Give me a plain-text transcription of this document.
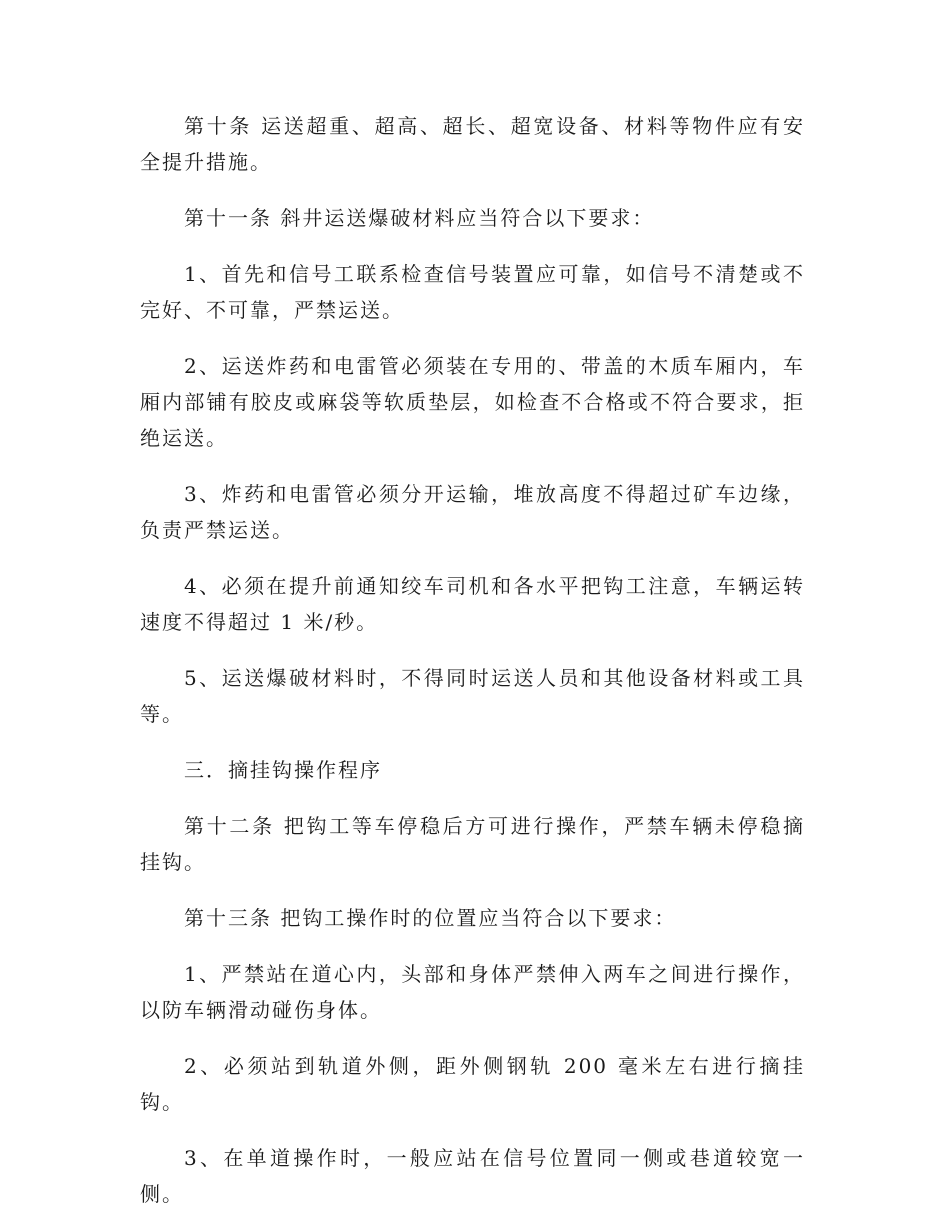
第十条 运送超重、超高、超长、超宽设备、材料等物件应有安全提升措施。

第十一条 斜井运送爆破材料应当符合以下要求：

1、首先和信号工联系检查信号装置应可靠，如信号不清楚或不完好、不可靠，严禁运送。

2、运送炸药和电雷管必须装在专用的、带盖的木质车厢内，车厢内部铺有胶皮或麻袋等软质垫层，如检查不合格或不符合要求，拒绝运送。

3、炸药和电雷管必须分开运输，堆放高度不得超过矿车边缘，负责严禁运送。

4、必须在提升前通知绞车司机和各水平把钩工注意，车辆运转速度不得超过 1 米/秒。

5、运送爆破材料时，不得同时运送人员和其他设备材料或工具等。

三．摘挂钩操作程序

第十二条 把钩工等车停稳后方可进行操作，严禁车辆未停稳摘挂钩。

第十三条 把钩工操作时的位置应当符合以下要求：

1、严禁站在道心内，头部和身体严禁伸入两车之间进行操作，以防车辆滑动碰伤身体。

2、必须站到轨道外侧，距外侧钢轨 200 毫米左右进行摘挂钩。

3、在单道操作时，一般应站在信号位置同一侧或巷道较宽一侧。
